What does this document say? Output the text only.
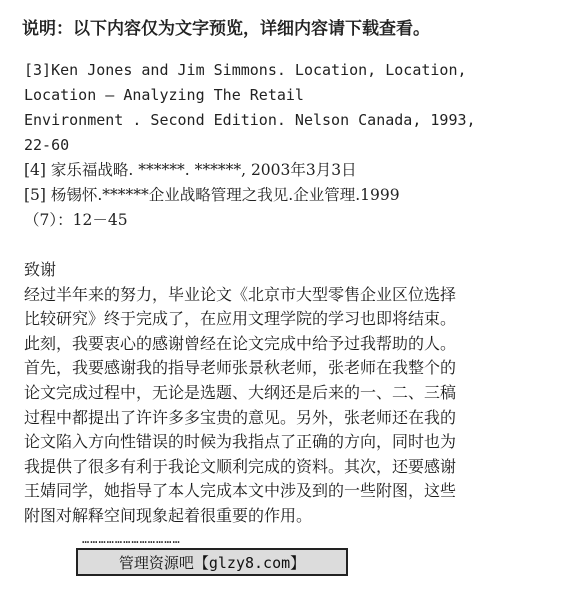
说明：以下内容仅为文字预览，详细内容请下载查看。
[3]Ken Jones and Jim Simmons. Location, Location,
Location – Analyzing The Retail
Environment . Second Edition. Nelson Canada, 1993,
22-60
[4] 家乐福战略. ******. ******, 2003年3月3日
[5] 杨锡怀.******企业战略管理之我见.企业管理.1999
（7）：12－45
致谢
经过半年来的努力，毕业论文《北京市大型零售企业区位选择
比较研究》终于完成了，在应用文理学院的学习也即将结束。
此刻，我要衷心的感谢曾经在论文完成中给予过我帮助的人。
首先，我要感谢我的指导老师张景秋老师，张老师在我整个的
论文完成过程中，无论是选题、大纲还是后来的一、二、三稿
过程中都提出了许许多多宝贵的意见。另外，张老师还在我的
论文陷入方向性错误的时候为我指点了正确的方向，同时也为
我提供了很多有利于我论文顺利完成的资料。其次，还要感谢
王婧同学，她指导了本人完成本文中涉及到的一些附图，这些
附图对解释空间现象起着很重要的作用。
………………………………
管理资源吧【glzy8.com】
